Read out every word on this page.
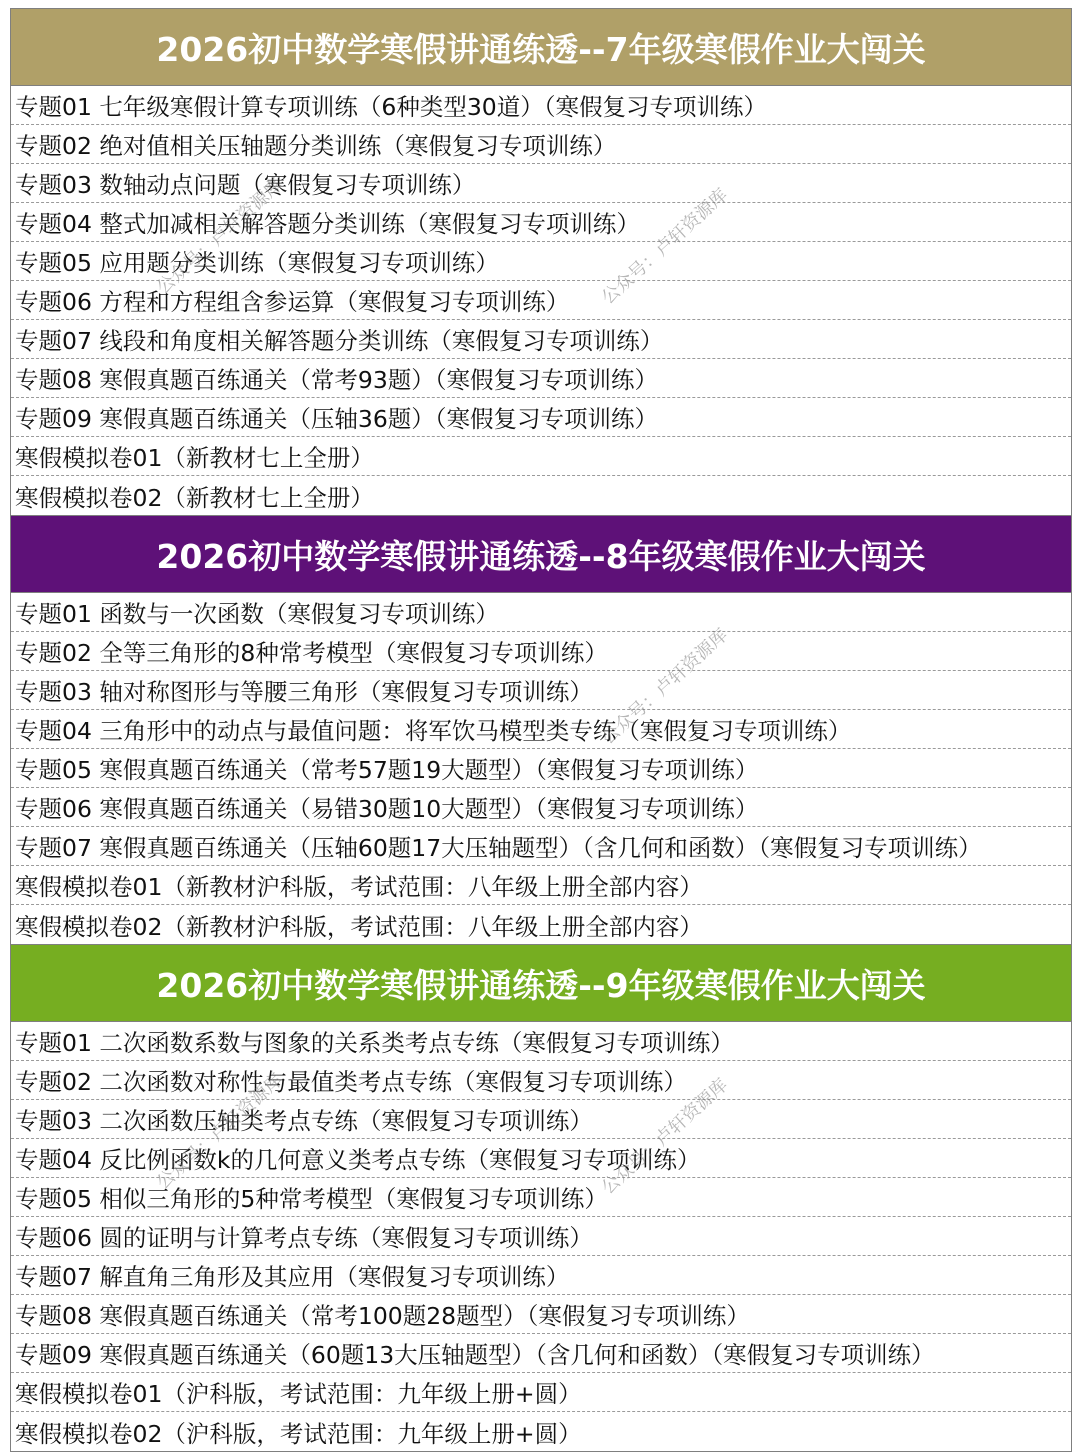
2026初中数学寒假讲通练透--7年级寒假作业大闯关
专题01 七年级寒假计算专项训练（6种类型30道）（寒假复习专项训练）
专题02 绝对值相关压轴题分类训练（寒假复习专项训练）
专题03 数轴动点问题（寒假复习专项训练）
专题04 整式加减相关解答题分类训练（寒假复习专项训练）
专题05 应用题分类训练（寒假复习专项训练）
专题06 方程和方程组含参运算（寒假复习专项训练）
专题07 线段和角度相关解答题分类训练（寒假复习专项训练）
专题08 寒假真题百练通关（常考93题）（寒假复习专项训练）
专题09 寒假真题百练通关（压轴36题）（寒假复习专项训练）
寒假模拟卷01（新教材七上全册）
寒假模拟卷02（新教材七上全册）
2026初中数学寒假讲通练透--8年级寒假作业大闯关
专题01 函数与一次函数（寒假复习专项训练）
专题02 全等三角形的8种常考模型（寒假复习专项训练）
专题03 轴对称图形与等腰三角形（寒假复习专项训练）
专题04 三角形中的动点与最值问题：将军饮马模型类专练（寒假复习专项训练）
专题05 寒假真题百练通关（常考57题19大题型）（寒假复习专项训练）
专题06 寒假真题百练通关（易错30题10大题型）（寒假复习专项训练）
专题07 寒假真题百练通关（压轴60题17大压轴题型）（含几何和函数）（寒假复习专项训练）
寒假模拟卷01（新教材沪科版，考试范围：八年级上册全部内容）
寒假模拟卷02（新教材沪科版，考试范围：八年级上册全部内容）
2026初中数学寒假讲通练透--9年级寒假作业大闯关
专题01 二次函数系数与图象的关系类考点专练（寒假复习专项训练）
专题02 二次函数对称性与最值类考点专练（寒假复习专项训练）
专题03 二次函数压轴类考点专练（寒假复习专项训练）
专题04 反比例函数k的几何意义类考点专练（寒假复习专项训练）
专题05 相似三角形的5种常考模型（寒假复习专项训练）
专题06 圆的证明与计算考点专练（寒假复习专项训练）
专题07 解直角三角形及其应用（寒假复习专项训练）
专题08 寒假真题百练通关（常考100题28题型）（寒假复习专项训练）
专题09 寒假真题百练通关（60题13大压轴题型）（含几何和函数）（寒假复习专项训练）
寒假模拟卷01（沪科版，考试范围：九年级上册+圆）
寒假模拟卷02（沪科版，考试范围：九年级上册+圆）
公众号：卢轩资源库	公众号：卢轩资源库
公众号：卢轩资源库
公众号：卢轩资源库	公众号：卢轩资源库
